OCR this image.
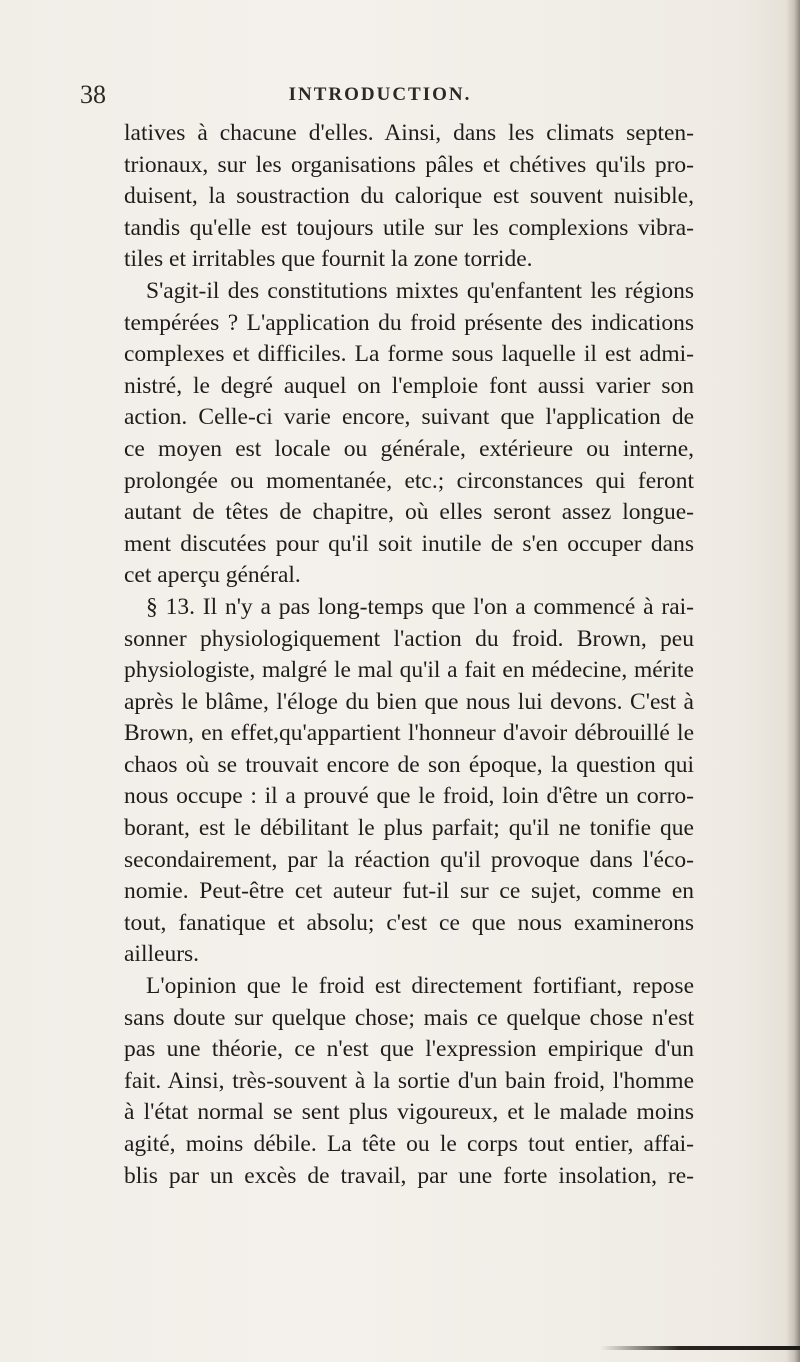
38	INTRODUCTION.
latives à chacune d'elles. Ainsi, dans les climats septen-
trionaux, sur les organisations pâles et chétives qu'ils pro-
duisent, la soustraction du calorique est souvent nuisible,
tandis qu'elle est toujours utile sur les complexions vibra-
tiles et irritables que fournit la zone torride.
S'agit-il des constitutions mixtes qu'enfantent les régions
tempérées ? L'application du froid présente des indications
complexes et difficiles. La forme sous laquelle il est admi-
nistré, le degré auquel on l'emploie font aussi varier son
action. Celle-ci varie encore, suivant que l'application de
ce moyen est locale ou générale, extérieure ou interne,
prolongée ou momentanée, etc.; circonstances qui feront
autant de têtes de chapitre, où elles seront assez longue-
ment discutées pour qu'il soit inutile de s'en occuper dans
cet aperçu général.
§ 13. Il n'y a pas long-temps que l'on a commencé à rai-
sonner physiologiquement l'action du froid. Brown, peu
physiologiste, malgré le mal qu'il a fait en médecine, mérite
après le blâme, l'éloge du bien que nous lui devons. C'est à
Brown, en effet,qu'appartient l'honneur d'avoir débrouillé le
chaos où se trouvait encore de son époque, la question qui
nous occupe : il a prouvé que le froid, loin d'être un corro-
borant, est le débilitant le plus parfait; qu'il ne tonifie que
secondairement, par la réaction qu'il provoque dans l'éco-
nomie. Peut-être cet auteur fut-il sur ce sujet, comme en
tout, fanatique et absolu; c'est ce que nous examinerons
ailleurs.
L'opinion que le froid est directement fortifiant, repose
sans doute sur quelque chose; mais ce quelque chose n'est
pas une théorie, ce n'est que l'expression empirique d'un
fait. Ainsi, très-souvent à la sortie d'un bain froid, l'homme
à l'état normal se sent plus vigoureux, et le malade moins
agité, moins débile. La tête ou le corps tout entier, affai-
blis par un excès de travail, par une forte insolation, re-
